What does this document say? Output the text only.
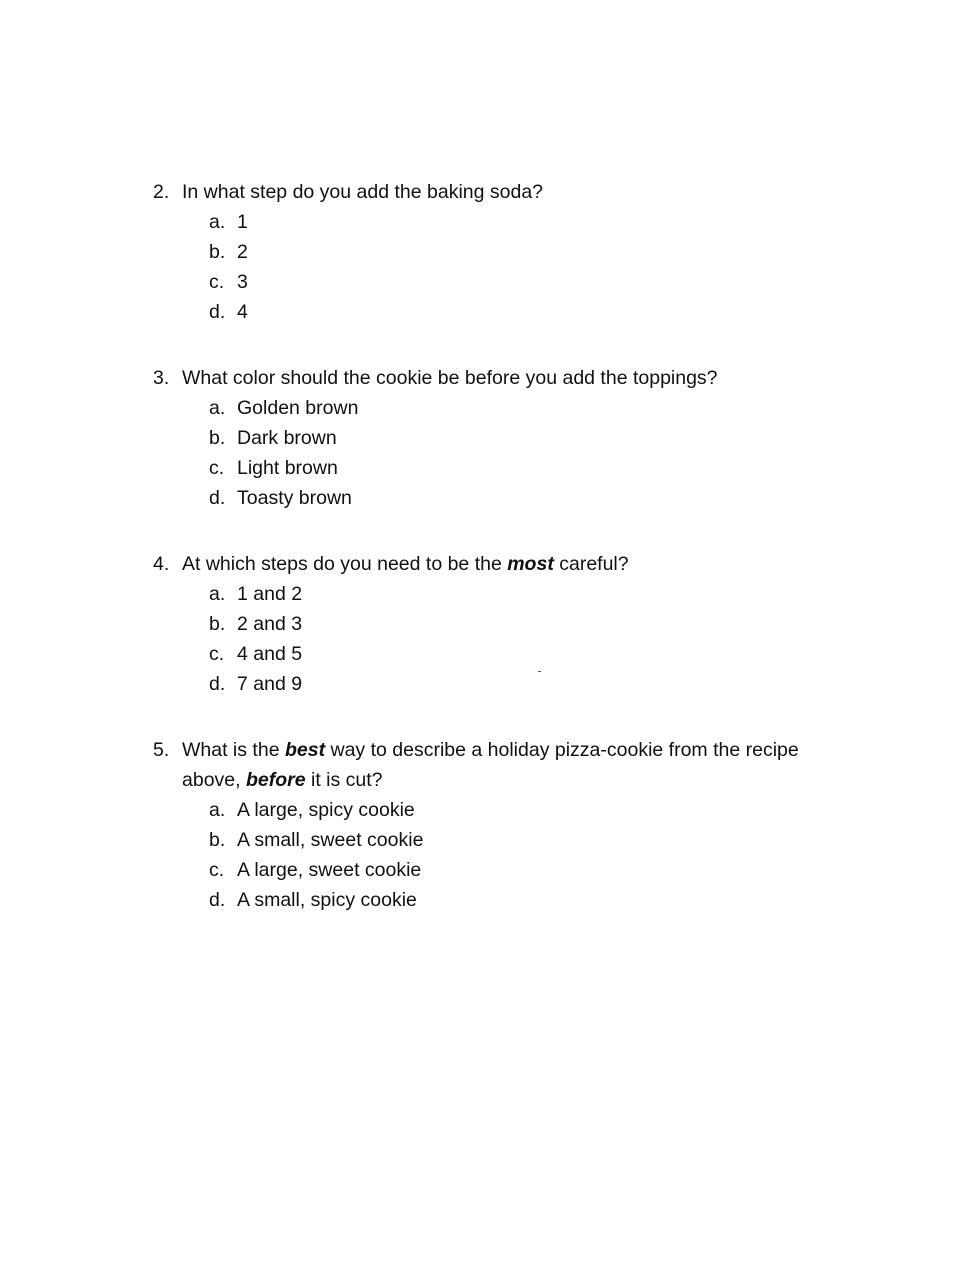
2. In what step do you add the baking soda?
a. 1
b. 2
c. 3
d. 4
3. What color should the cookie be before you add the toppings?
a. Golden brown
b. Dark brown
c. Light brown
d. Toasty brown
4. At which steps do you need to be the most careful?
a. 1 and 2
b. 2 and 3
c. 4 and 5
d. 7 and 9
5. What is the best way to describe a holiday pizza-cookie from the recipe
above, before it is cut?
a. A large, spicy cookie
b. A small, sweet cookie
c. A large, sweet cookie
d. A small, spicy cookie
